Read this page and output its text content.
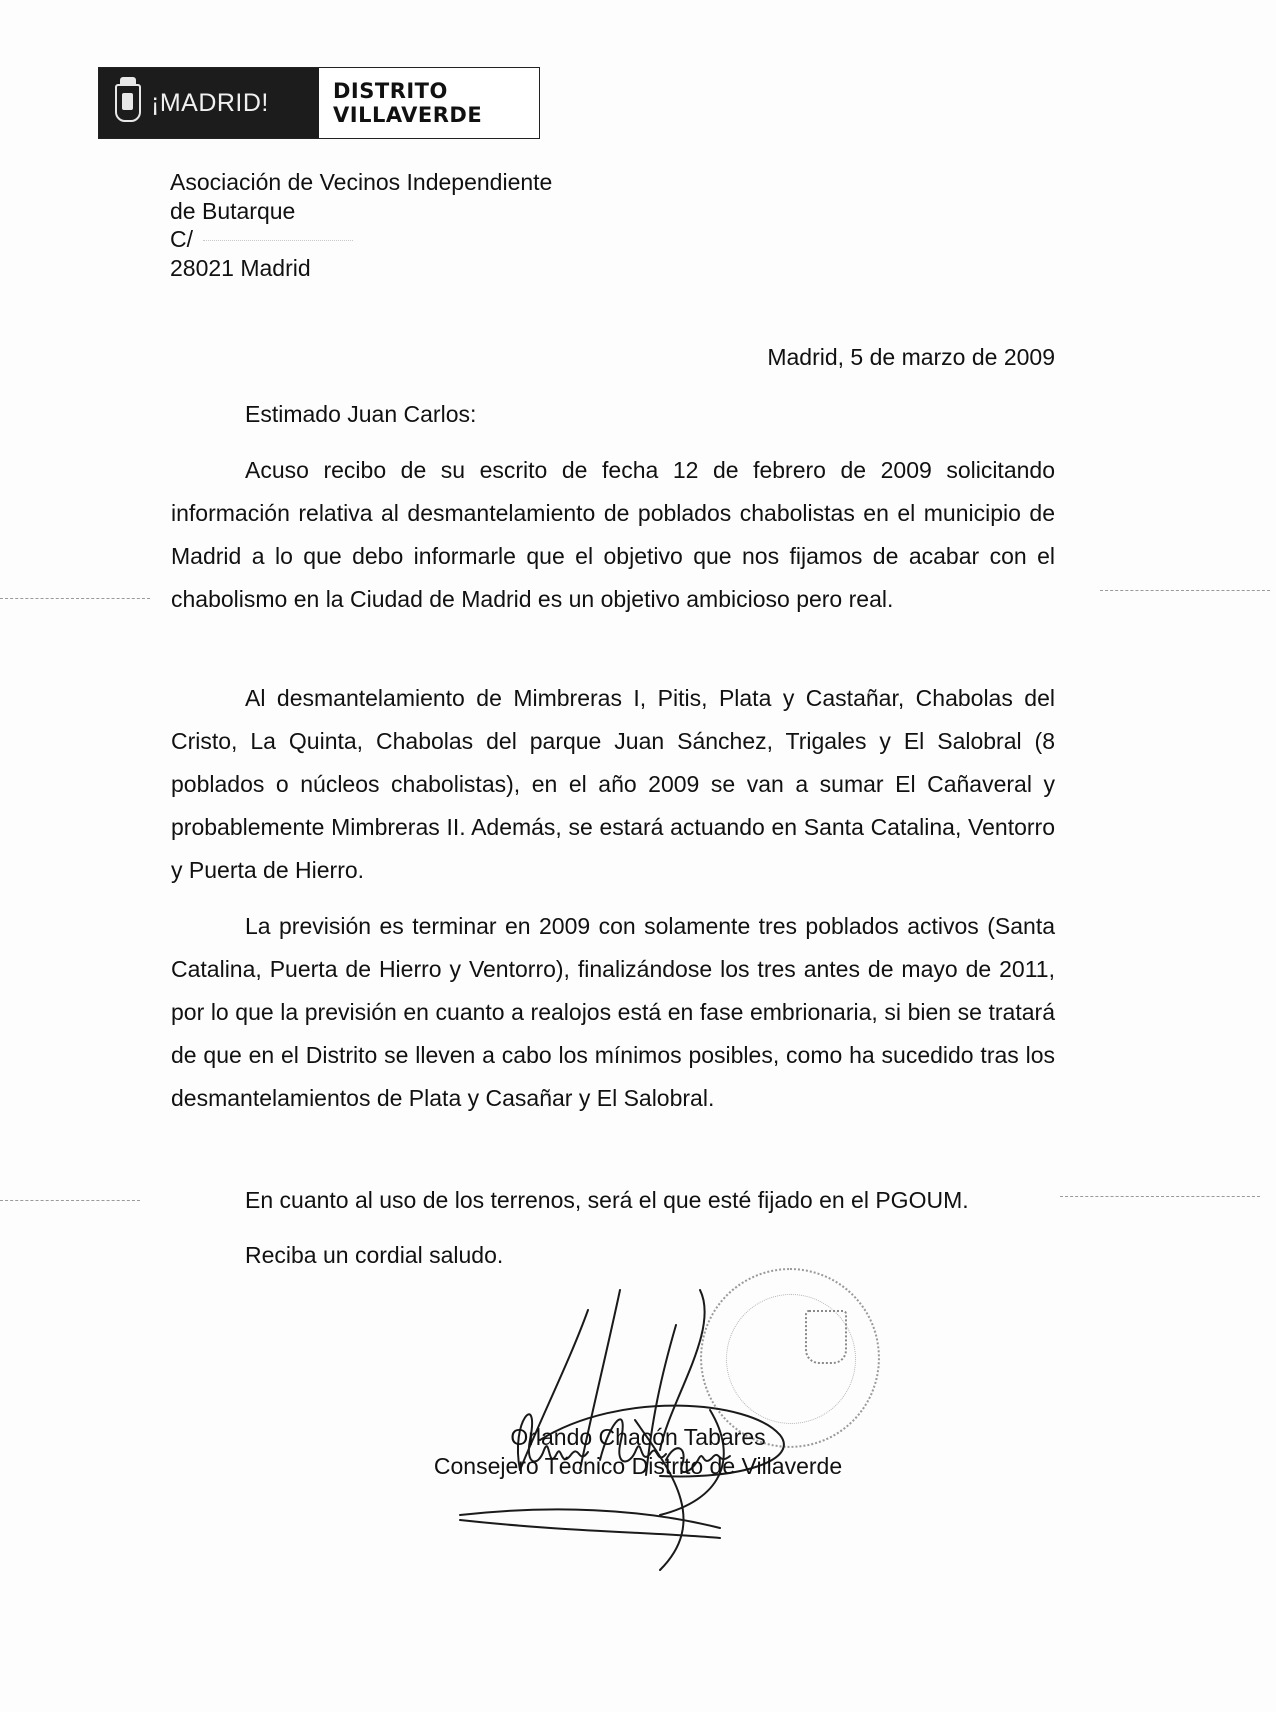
¡MADRID!	DISTRITO
VILLAVERDE
Asociación de Vecinos Independiente
de Butarque
C/
28021 Madrid
Madrid, 5 de marzo de 2009
Estimado Juan Carlos:

Acuso recibo de su escrito de fecha 12 de febrero de 2009 solicitando información relativa al desmantelamiento de poblados chabolistas en el municipio de Madrid a lo que debo informarle que el objetivo que nos fijamos de acabar con el chabolismo en la Ciudad de Madrid es un objetivo ambicioso pero real.

Al desmantelamiento de Mimbreras I, Pitis, Plata y Castañar, Chabolas del Cristo, La Quinta, Chabolas del parque Juan Sánchez, Trigales y El Salobral (8 poblados o núcleos chabolistas), en el año 2009 se van a sumar El Cañaveral y probablemente Mimbreras II. Además, se estará actuando en Santa Catalina, Ventorro y Puerta de Hierro.

La previsión es terminar en 2009 con solamente tres poblados activos (Santa Catalina, Puerta de Hierro y Ventorro), finalizándose los tres antes de mayo de 2011, por lo que la previsión en cuanto a realojos está en fase embrionaria, si bien se tratará de que en el Distrito se lleven a cabo los mínimos posibles, como ha sucedido tras los desmantelamientos de Plata y Casañar y El Salobral.

En cuanto al uso de los terrenos, será el que esté fijado en el PGOUM.
Reciba un cordial saludo.
Orlando Chacón Tabares
Consejero Técnico Distrito de Villaverde
